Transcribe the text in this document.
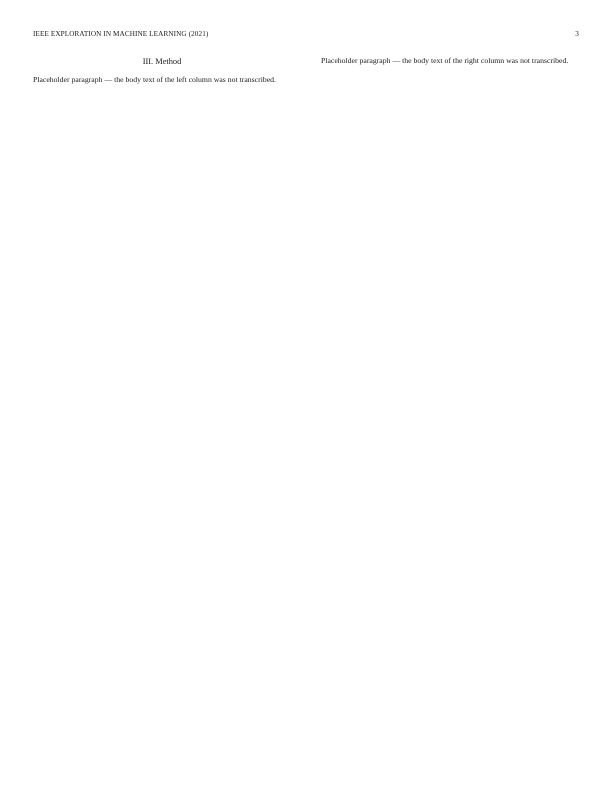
IEEE EXPLORATION IN MACHINE LEARNING (2021)	3
III. Method

Placeholder paragraph — the body text of the left column was not transcribed.

Placeholder paragraph — the body text of the right column was not transcribed.
